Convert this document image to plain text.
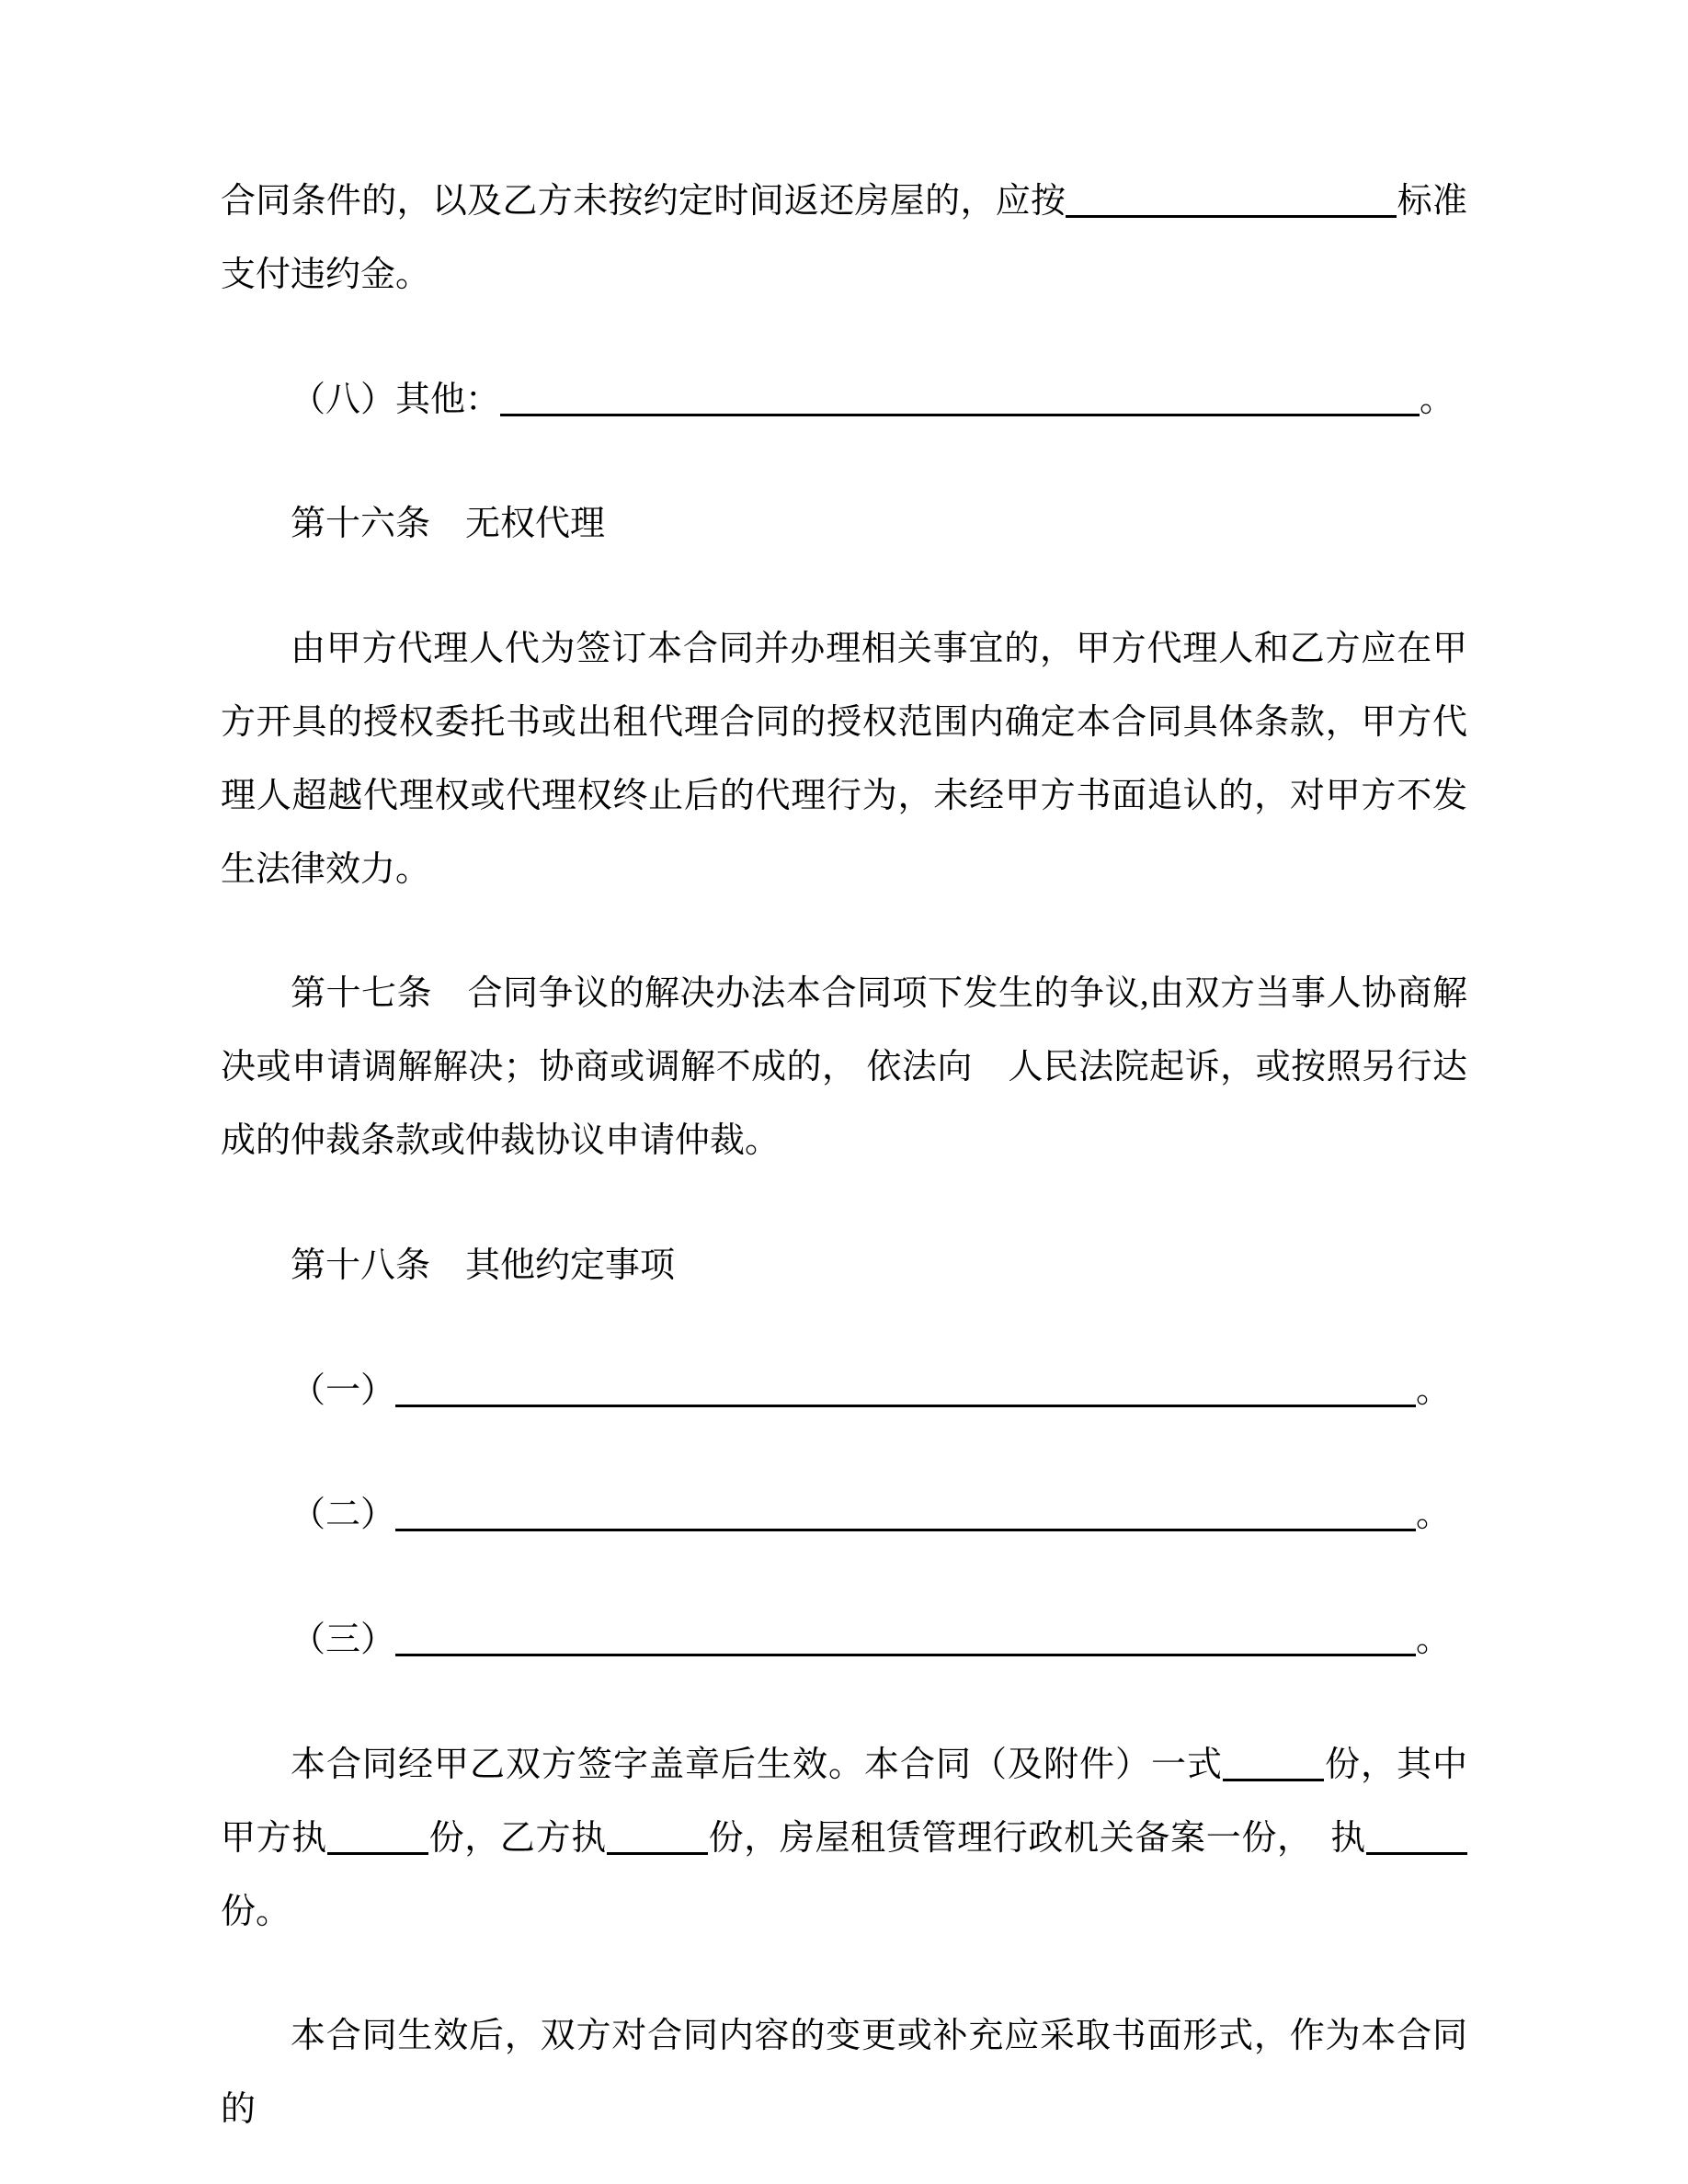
合同条件的，以及乙方未按约定时间返还房屋的，应按	标准支付违约金。

（八）其他：	。

第十六条　无权代理

由甲方代理人代为签订本合同并办理相关事宜的，甲方代理人和乙方应在甲方开具的授权委托书或出租代理合同的授权范围内确定本合同具体条款，甲方代理人超越代理权或代理权终止后的代理行为，未经甲方书面追认的，对甲方不发生法律效力。

第十七条　合同争议的解决办法本合同项下发生的争议,由双方当事人协商解决或申请调解解决；协商或调解不成的， 依法向　人民法院起诉，或按照另行达成的仲裁条款或仲裁协议申请仲裁。

第十八条　其他约定事项

（一）	。

（二）	。

（三）	。

本合同经甲乙双方签字盖章后生效。本合同（及附件）一式	份，其中甲方执	份，乙方执	份，房屋租赁管理行政机关备案一份，　执份。

本合同生效后，双方对合同内容的变更或补充应采取书面形式，作为本合同的
